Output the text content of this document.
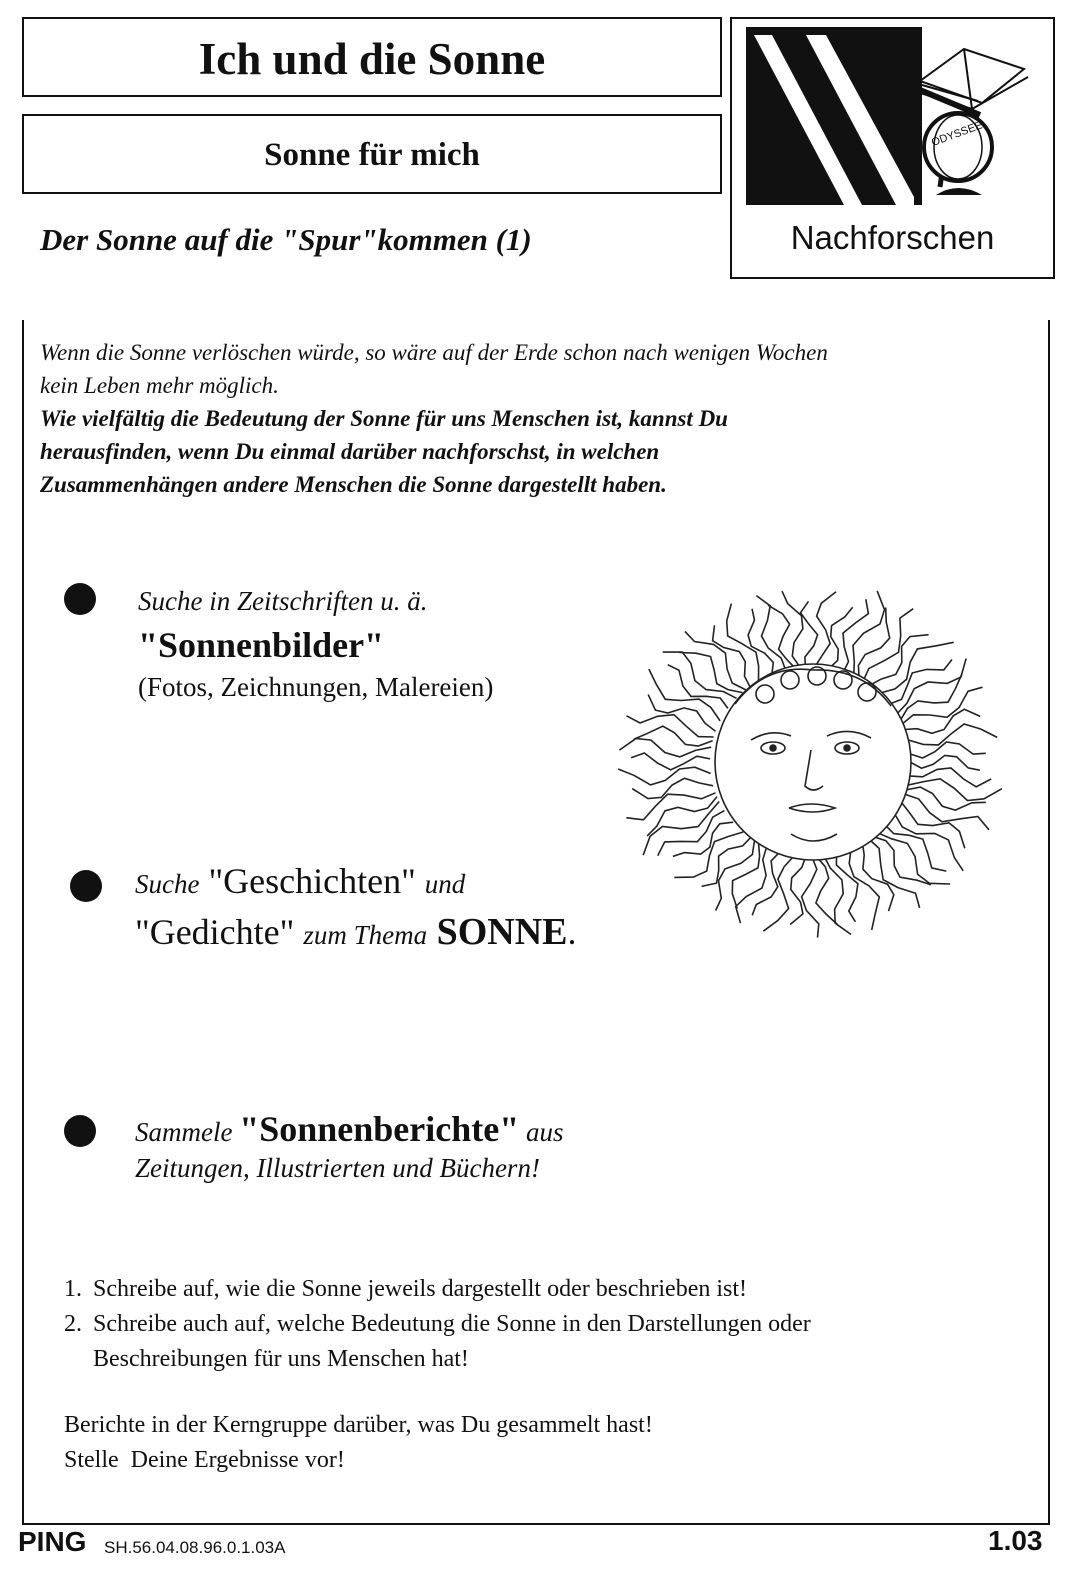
Ich und die Sonne
Sonne für mich
Der Sonne auf die "Spur"kommen (1)
ODYSSEE
Nachforschen
Wenn die Sonne verlöschen würde, so wäre auf der Erde schon nach wenigen Wochen
kein Leben mehr möglich.
Wie vielfältig die Bedeutung der Sonne für uns Menschen ist, kannst Du
herausfinden, wenn Du einmal darüber nachforschst, in welchen
Zusammenhängen andere Menschen die Sonne dargestellt haben.
Suche in Zeitschriften u. ä.
"Sonnenbilder"
(Fotos, Zeichnungen, Malereien)
Suche "Geschichten" und
"Gedichte" zum Thema SONNE.
Sammele "Sonnenberichte" aus
Zeitungen, Illustrierten und Büchern!
1. Schreibe auf, wie die Sonne jeweils dargestellt oder beschrieben ist!
2. Schreibe auch auf, welche Bedeutung die Sonne in den Darstellungen oder Beschreibungen für uns Menschen hat!
Berichte in der Kerngruppe darüber, was Du gesammelt hast!
Stelle  Deine Ergebnisse vor!
PING SH.56.04.08.96.0.1.03A	1.03
